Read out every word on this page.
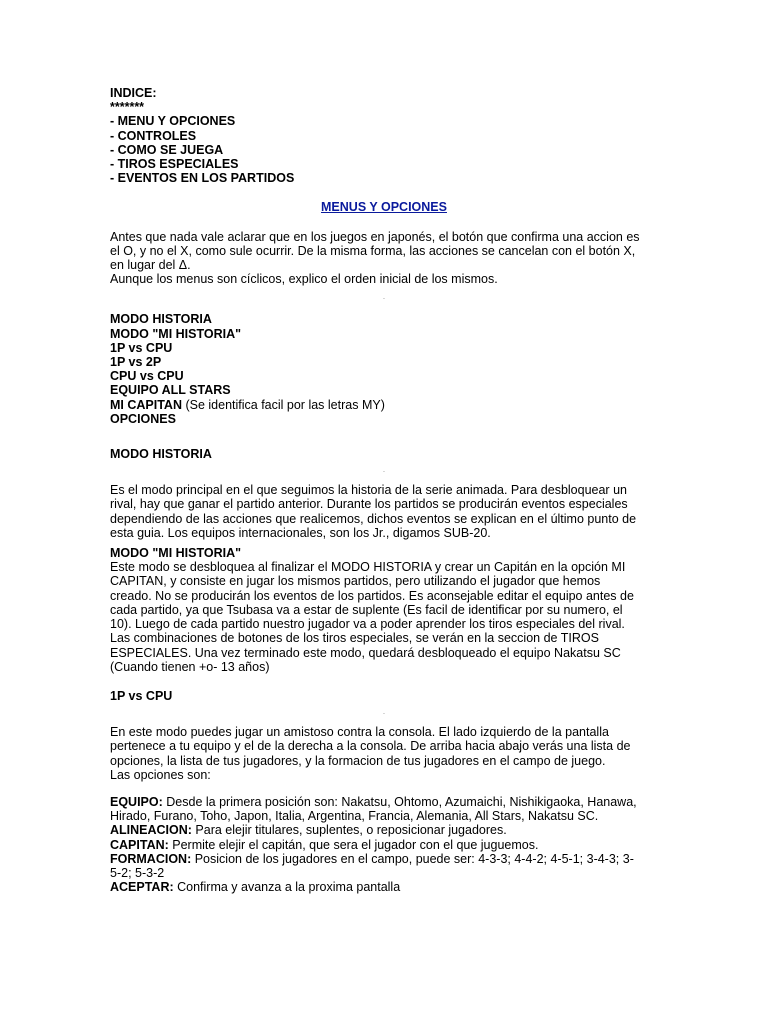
INDICE:
*******
- MENU Y OPCIONES
- CONTROLES
- COMO SE JUEGA
- TIROS ESPECIALES
- EVENTOS EN LOS PARTIDOS
MENUS Y OPCIONES
Antes que nada vale aclarar que en los juegos en japonés, el botón que confirma una accion es
el O, y no el X, como sule ocurrir. De la misma forma, las acciones se cancelan con el botón X,
en lugar del Δ.
Aunque los menus son cíclicos, explico el orden inicial de los mismos.
.
MODO HISTORIA
MODO "MI HISTORIA"
1P vs CPU
1P vs 2P
CPU vs CPU
EQUIPO ALL STARS
MI CAPITAN (Se identifica facil por las letras MY)
OPCIONES
MODO HISTORIA
.
Es el modo principal en el que seguimos la historia de la serie animada. Para desbloquear un
rival, hay que ganar el partido anterior. Durante los partidos se producirán eventos especiales
dependiendo de las acciones que realicemos, dichos eventos se explican en el último punto de
esta guia. Los equipos internacionales, son los Jr., digamos SUB-20.
MODO "MI HISTORIA"
Este modo se desbloquea al finalizar el MODO HISTORIA y crear un Capitán en la opción MI
CAPITAN, y consiste en jugar los mismos partidos, pero utilizando el jugador que hemos
creado. No se producirán los eventos de los partidos. Es aconsejable editar el equipo antes de
cada partido, ya que Tsubasa va a estar de suplente (Es facil de identificar por su numero, el
10). Luego de cada partido nuestro jugador va a poder aprender los tiros especiales del rival.
Las combinaciones de botones de los tiros especiales, se verán en la seccion de TIROS
ESPECIALES. Una vez terminado este modo, quedará desbloqueado el equipo Nakatsu SC
(Cuando tienen +o- 13 años)
1P vs CPU
.
En este modo puedes jugar un amistoso contra la consola. El lado izquierdo de la pantalla
pertenece a tu equipo y el de la derecha a la consola. De arriba hacia abajo verás una lista de
opciones, la lista de tus jugadores, y la formacion de tus jugadores en el campo de juego.
Las opciones son:
EQUIPO: Desde la primera posición son: Nakatsu, Ohtomo, Azumaichi, Nishikigaoka, Hanawa,
Hirado, Furano, Toho, Japon, Italia, Argentina, Francia, Alemania, All Stars, Nakatsu SC.
ALINEACION: Para elejir titulares, suplentes, o reposicionar jugadores.
CAPITAN: Permite elejir el capitán, que sera el jugador con el que juguemos.
FORMACION: Posicion de los jugadores en el campo, puede ser: 4-3-3; 4-4-2; 4-5-1; 3-4-3; 3-
5-2; 5-3-2
ACEPTAR: Confirma y avanza a la proxima pantalla
